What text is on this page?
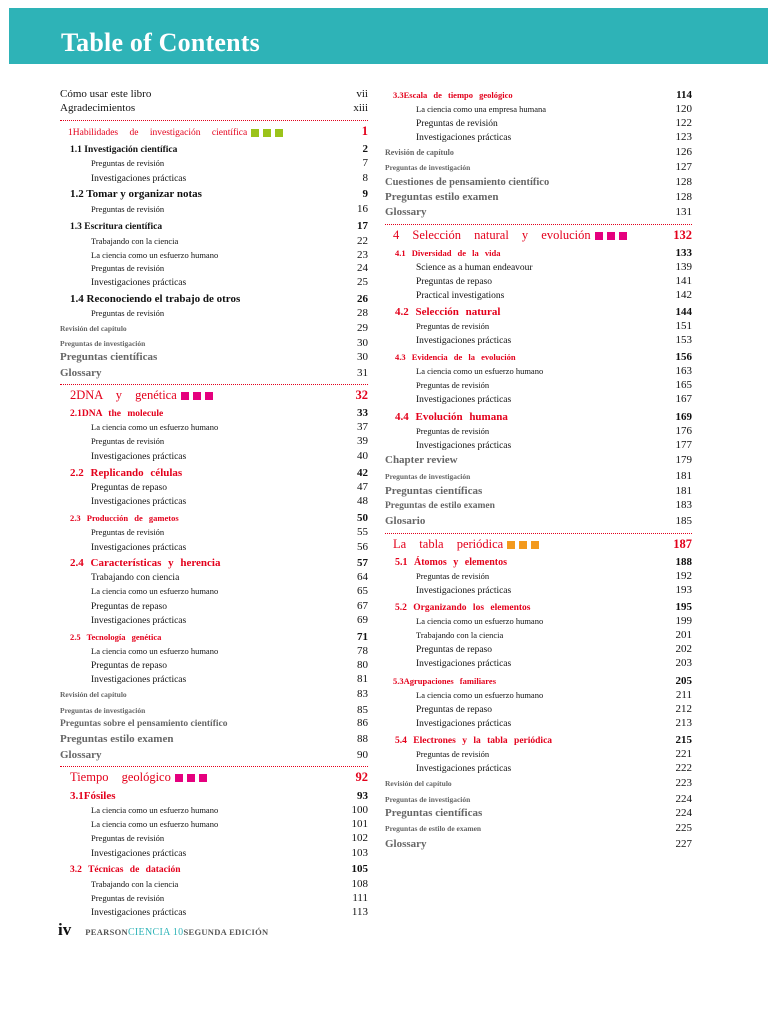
Table of Contents
Cómo usar este libro	vii
Agradecimientos	xiii
1Habilidades de investigación científica	1
1.1 Investigación científica	2
Preguntas de revisión	7
Investigaciones prácticas	8
1.2 Tomar y organizar notas	9
Preguntas de revisión	16
1.3 Escritura científica	17
Trabajando con la ciencia	22
La ciencia como un esfuerzo humano	23
Preguntas de revisión	24
Investigaciones prácticas	25
1.4 Reconociendo el trabajo de otros	26
Preguntas de revisión	28
Revisión del capítulo	29
Preguntas de investigación	30
Preguntas científicas	30
Glossary	31
2DNA y genética	32
2.1DNA the molecule	33
La ciencia como un esfuerzo humano	37
Preguntas de revisión	39
Investigaciones prácticas	40
2.2 Replicando células	42
Preguntas de repaso	47
Investigaciones prácticas	48
2.3 Producción de gametos	50
Preguntas de revisión	55
Investigaciones prácticas	56
2.4 Características y herencia	57
Trabajando con ciencia	64
La ciencia como un esfuerzo humano	65
Preguntas de repaso	67
Investigaciones prácticas	69
2.5 Tecnología genética	71
La ciencia como un esfuerzo humano	78
Preguntas de repaso	80
Investigaciones prácticas	81
Revisión del capítulo	83
Preguntas de investigación	85
Preguntas sobre el pensamiento científico	86
Preguntas estilo examen	88
Glossary	90
Tiempo geológico	92
3.1Fósiles	93
La ciencia como un esfuerzo humano	100
La ciencia como un esfuerzo humano	101
Preguntas de revisión	102
Investigaciones prácticas	103
3.2 Técnicas de datación	105
Trabajando con la ciencia	108
Preguntas de revisión	111
Investigaciones prácticas	113
3.3Escala de tiempo geológico	114
La ciencia como una empresa humana	120
Preguntas de revisión	122
Investigaciones prácticas	123
Revisión de capítulo	126
Preguntas de investigación	127
Cuestiones de pensamiento científico	128
Preguntas estilo examen	128
Glossary	131
4 Selección natural y evolución	132
4.1 Diversidad de la vida	133
Science as a human endeavour	139
Preguntas de repaso	141
Practical investigations	142
4.2 Selección natural	144
Preguntas de revisión	151
Investigaciones prácticas	153
4.3 Evidencia de la evolución	156
La ciencia como un esfuerzo humano	163
Preguntas de revisión	165
Investigaciones prácticas	167
4.4 Evolución humana	169
Preguntas de revisión	176
Investigaciones prácticas	177
Chapter review	179
Preguntas de investigación	181
Preguntas científicas	181
Preguntas de estilo examen	183
Glosario	185
La tabla periódica	187
5.1 Átomos y elementos	188
Preguntas de revisión	192
Investigaciones prácticas	193
5.2 Organizando los elementos	195
La ciencia como un esfuerzo humano	199
Trabajando con la ciencia	201
Preguntas de repaso	202
Investigaciones prácticas	203
5.3Agrupaciones familiares	205
La ciencia como un esfuerzo humano	211
Preguntas de repaso	212
Investigaciones prácticas	213
5.4 Electrones y la tabla periódica	215
Preguntas de revisión	221
Investigaciones prácticas	222
Revisión del capítulo	223
Preguntas de investigación	224
Preguntas científicas	224
Preguntas de estilo de examen	225
Glossary	227
iv PEARSONCIENCIA 10SEGUNDA EDICIÓN
